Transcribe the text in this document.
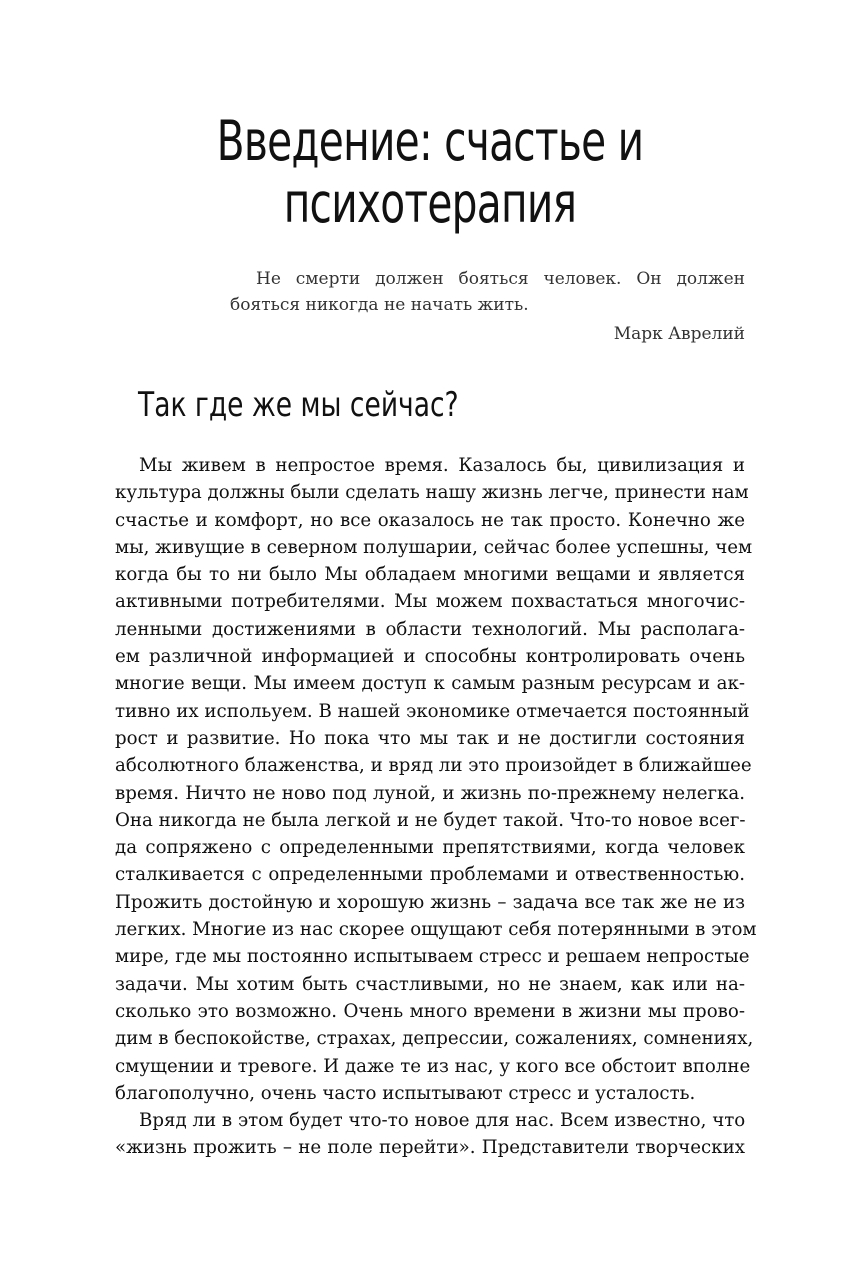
Введение: счастье и
психотерапия

Не смерти должен бояться человек. Он должен бояться никогда не начать жить.

Марк Аврелий
Так где же мы сейчас?
Мы живем в непростое время. Казалось бы, цивилизация и
культура должны были сделать нашу жизнь легче, принести нам
счастье и комфорт, но все оказалось не так просто. Конечно же
мы, живущие в северном полушарии, сейчас более успешны, чем
когда бы то ни было Мы обладаем многими вещами и является
активными потребителями. Мы можем похвастаться многочис-
ленными достижениями в области технологий. Мы располага-
ем различной информацией и способны контролировать очень
многие вещи. Мы имеем доступ к самым разным ресурсам и ак-
тивно их испольуем. В нашей экономике отмечается постоянный
рост и развитие. Но пока что мы так и не достигли состояния
абсолютного блаженства, и вряд ли это произойдет в ближайшее
время. Ничто не ново под луной, и жизнь по-прежнему нелегка.
Она никогда не была легкой и не будет такой. Что-то новое всег-
да сопряжено с определенными препятствиями, когда человек
сталкивается с определенными проблемами и отвественностью.
Прожить достойную и хорошую жизнь – задача все так же не из
легких. Многие из нас скорее ощущают себя потерянными в этом
мире, где мы постоянно испытываем стресс и решаем непростые
задачи. Мы хотим быть счастливыми, но не знаем, как или на-
сколько это возможно. Очень много времени в жизни мы прово-
дим в беспокойствe, страхах, депрессии, сожалениях, сомнениях,
смущении и тревоге. И даже те из нас, у кого все обстоит вполне
благополучно, очень часто испытывают стресс и усталость.
Вряд ли в этом будет что-то новое для нас. Всем известно, что
«жизнь прожить – не поле перейти». Представители творческих
